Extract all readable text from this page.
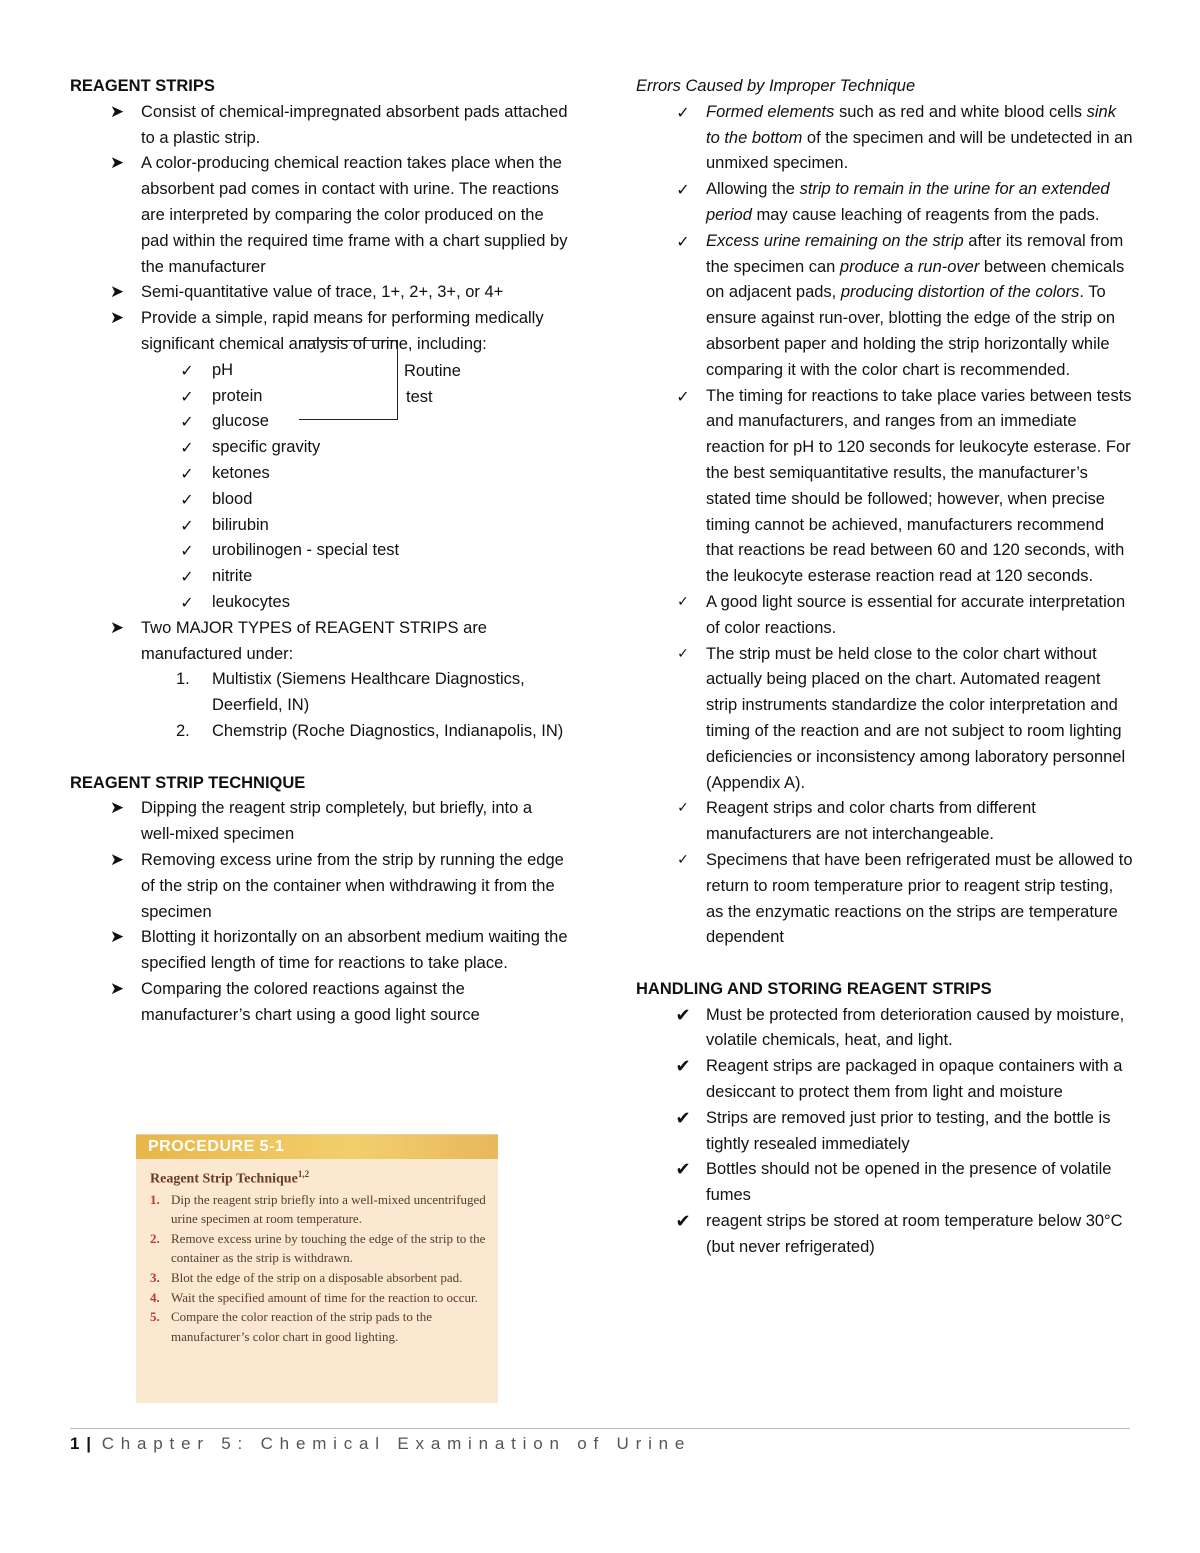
REAGENT STRIPS
➤ Consist of chemical-impregnated absorbent pads attached to a plastic strip.
➤ A color-producing chemical reaction takes place when the absorbent pad comes in contact with urine. The reactions are interpreted by comparing the color produced on the pad within the required time frame with a chart supplied by the manufacturer
➤ Semi-quantitative value of trace, 1+, 2+, 3+, or 4+
➤ Provide a simple, rapid means for performing medically significant chemical analysis of urine, including:
✓ pH
✓ protein
✓ glucose
✓ specific gravity
✓ ketones
✓ blood
✓ bilirubin
✓ urobilinogen - special test
✓ nitrite
✓ leukocytes
➤ Two MAJOR TYPES of REAGENT STRIPS are manufactured under:
1. Multistix (Siemens Healthcare Diagnostics, Deerfield, IN)
2. Chemstrip (Roche Diagnostics, Indianapolis, IN)
REAGENT STRIP TECHNIQUE
➤ Dipping the reagent strip completely, but briefly, into a well-mixed specimen
➤ Removing excess urine from the strip by running the edge of the strip on the container when withdrawing it from the specimen
➤ Blotting it horizontally on an absorbent medium waiting the specified length of time for reactions to take place.
➤ Comparing the colored reactions against the manufacturer’s chart using a good light source
Routine
test
PROCEDURE 5-1
Reagent Strip Technique$^{1,2}$
1. Dip the reagent strip briefly into a well-mixed uncentrifuged urine specimen at room temperature.
2. Remove excess urine by touching the edge of the strip to the container as the strip is withdrawn.
3. Blot the edge of the strip on a disposable absorbent pad.
4. Wait the specified amount of time for the reaction to occur.
5. Compare the color reaction of the strip pads to the manufacturer’s color chart in good lighting.
Errors Caused by Improper Technique
✓ Formed elements such as red and white blood cells sink to the bottom of the specimen and will be undetected in an unmixed specimen.
✓ Allowing the strip to remain in the urine for an extended period may cause leaching of reagents from the pads.
✓ Excess urine remaining on the strip after its removal from the specimen can produce a run-over between chemicals on adjacent pads, producing distortion of the colors. To ensure against run-over, blotting the edge of the strip on absorbent paper and holding the strip horizontally while comparing it with the color chart is recommended.
✓ The timing for reactions to take place varies between tests and manufacturers, and ranges from an immediate reaction for pH to 120 seconds for leukocyte esterase. For the best semiquantitative results, the manufacturer’s stated time should be followed; however, when precise timing cannot be achieved, manufacturers recommend that reactions be read between 60 and 120 seconds, with the leukocyte esterase reaction read at 120 seconds.
✓	A good light source is essential for accurate interpretation of color reactions.
✓	The strip must be held close to the color chart without actually being placed on the chart. Automated reagent strip instruments standardize the color interpretation and timing of the reaction and are not subject to room lighting deficiencies or inconsistency among laboratory personnel (Appendix A).
✓	Reagent strips and color charts from different manufacturers are not interchangeable.
✓	Specimens that have been refrigerated must be allowed to return to room temperature prior to reagent strip testing, as the enzymatic reactions on the strips are temperature dependent
HANDLING AND STORING REAGENT STRIPS
✔ Must be protected from deterioration caused by moisture, volatile chemicals, heat, and light.
✔ Reagent strips are packaged in opaque containers with a desiccant to protect them from light and moisture
✔ Strips are removed just prior to testing, and the bottle is tightly resealed immediately
✔ Bottles should not be opened in the presence of volatile fumes
✔ reagent strips be stored at room temperature below 30°C (but never refrigerated)
1 | Chapter 5: Chemical Examination of Urine
